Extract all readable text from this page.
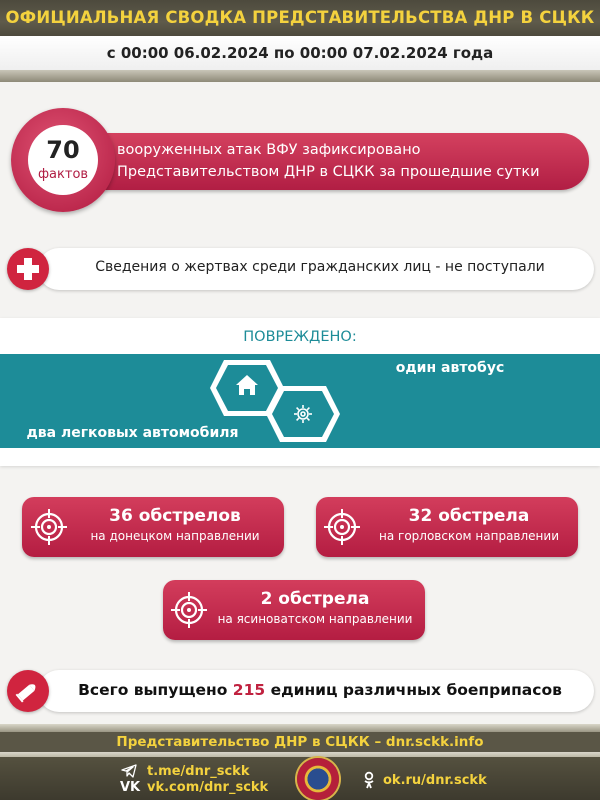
ОФИЦИАЛЬНАЯ СВОДКА ПРЕДСТАВИТЕЛЬСТВА ДНР В СЦКК
с 00:00 06.02.2024 по 00:00 07.02.2024 года
вооруженных атак ВФУ зафиксировано
Представительством ДНР в СЦКК за прошедшие сутки
70
фактов
Сведения о жертвах среди гражданских лиц - не поступали
ПОВРЕЖДЕНО:
один автобус
два легковых автомобиля
36 обстрелов
на донецком направлении
32 обстрела
на горловском направлении
2 обстрела
на ясиноватском направлении
Всего выпущено 215 единиц различных боеприпасов
Представительство ДНР в СЦКК – dnr.sckk.info
t.me/dnr_sckk
VK vk.com/dnr_sckk	ok.ru/dnr.sckk
